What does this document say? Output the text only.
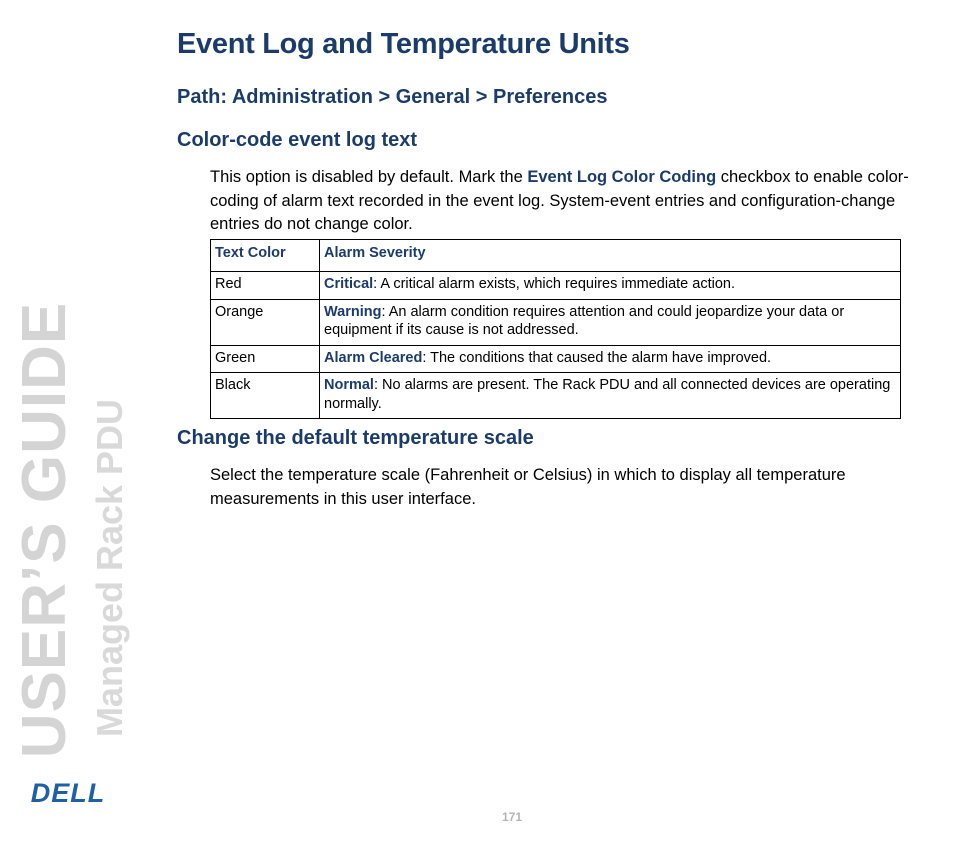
USER’S GUIDE Managed Rack PDU
DELL
Event Log and Temperature Units
Path: Administration > General > Preferences
Color-code event log text

This option is disabled by default. Mark the Event Log Color Coding checkbox to enable color-coding of alarm text recorded in the event log. System-event entries and configuration-change entries do not change color.

Text Color	Alarm Severity
Red	Critical: A critical alarm exists, which requires immediate action.
Orange	Warning: An alarm condition requires attention and could jeopardize your data or equipment if its cause is not addressed.
Green	Alarm Cleared: The conditions that caused the alarm have improved.
Black	Normal: No alarms are present. The Rack PDU and all connected devices are operating normally.
Change the default temperature scale

Select the temperature scale (Fahrenheit or Celsius) in which to display all temperature measurements in this user interface.

171
